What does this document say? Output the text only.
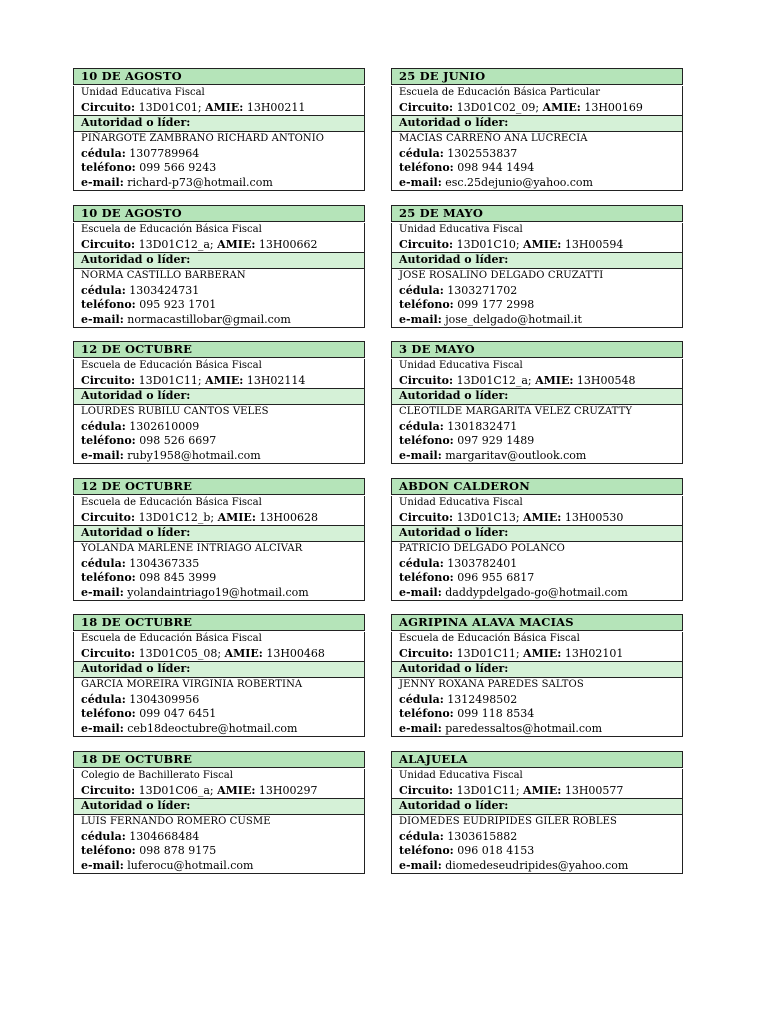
10 DE AGOSTO
Unidad Educativa Fiscal
Circuito: 13D01C01; AMIE: 13H00211
Autoridad o líder:
PIÑARGOTE ZAMBRANO RICHARD ANTONIO
cédula: 1307789964
teléfono: 099 566 9243
e-mail: richard-p73@hotmail.com
25 DE JUNIO
Escuela de Educación Básica Particular
Circuito: 13D01C02_09; AMIE: 13H00169
Autoridad o líder:
MACIAS CARREÑO ANA LUCRECIA
cédula: 1302553837
teléfono: 098 944 1494
e-mail: esc.25dejunio@yahoo.com
10 DE AGOSTO
Escuela de Educación Básica Fiscal
Circuito: 13D01C12_a; AMIE: 13H00662
Autoridad o líder:
NORMA CASTILLO BARBERAN
cédula: 1303424731
teléfono: 095 923 1701
e-mail: normacastillobar@gmail.com
25 DE MAYO
Unidad Educativa Fiscal
Circuito: 13D01C10; AMIE: 13H00594
Autoridad o líder:
JOSE ROSALINO DELGADO CRUZATTI
cédula: 1303271702
teléfono: 099 177 2998
e-mail: jose_delgado@hotmail.it
12 DE OCTUBRE
Escuela de Educación Básica Fiscal
Circuito: 13D01C11; AMIE: 13H02114
Autoridad o líder:
LOURDES RUBILU CANTOS VELES
cédula: 1302610009
teléfono: 098 526 6697
e-mail: ruby1958@hotmail.com
3 DE MAYO
Unidad Educativa Fiscal
Circuito: 13D01C12_a; AMIE: 13H00548
Autoridad o líder:
CLEOTILDE MARGARITA VELEZ CRUZATTY
cédula: 1301832471
teléfono: 097 929 1489
e-mail: margaritav@outlook.com
12 DE OCTUBRE
Escuela de Educación Básica Fiscal
Circuito: 13D01C12_b; AMIE: 13H00628
Autoridad o líder:
YOLANDA MARLENE INTRIAGO ALCIVAR
cédula: 1304367335
teléfono: 098 845 3999
e-mail: yolandaintriago19@hotmail.com
ABDON CALDERON
Unidad Educativa Fiscal
Circuito: 13D01C13; AMIE: 13H00530
Autoridad o líder:
PATRICIO DELGADO POLANCO
cédula: 1303782401
teléfono: 096 955 6817
e-mail: daddypdelgado-go@hotmail.com
18 DE OCTUBRE
Escuela de Educación Básica Fiscal
Circuito: 13D01C05_08; AMIE: 13H00468
Autoridad o líder:
GARCIA MOREIRA VIRGINIA ROBERTINA
cédula: 1304309956
teléfono: 099 047 6451
e-mail: ceb18deoctubre@hotmail.com
AGRIPINA ALAVA MACIAS
Escuela de Educación Básica Fiscal
Circuito: 13D01C11; AMIE: 13H02101
Autoridad o líder:
JENNY ROXANA PAREDES SALTOS
cédula: 1312498502
teléfono: 099 118 8534
e-mail: paredessaltos@hotmail.com
18 DE OCTUBRE
Colegio de Bachillerato Fiscal
Circuito: 13D01C06_a; AMIE: 13H00297
Autoridad o líder:
LUIS FERNANDO ROMERO CUSME
cédula: 1304668484
teléfono: 098 878 9175
e-mail: luferocu@hotmail.com
ALAJUELA
Unidad Educativa Fiscal
Circuito: 13D01C11; AMIE: 13H00577
Autoridad o líder:
DIOMEDES EUDRIPIDES GILER ROBLES
cédula: 1303615882
teléfono: 096 018 4153
e-mail: diomedeseudripides@yahoo.com
